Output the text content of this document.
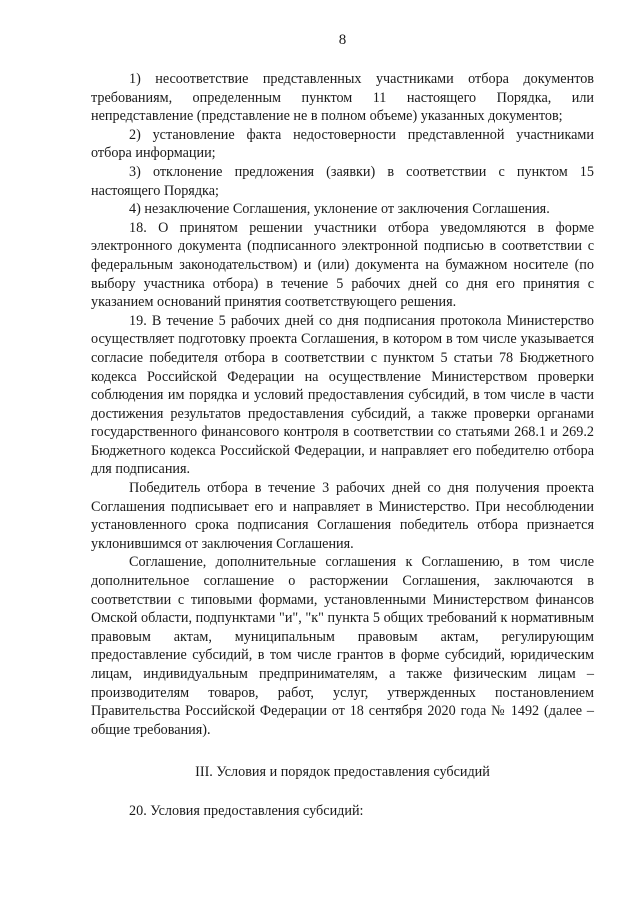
8

1) несоответствие представленных участниками отбора документов требованиям, определенным пунктом 11 настоящего Порядка, или непредставление (представление не в полном объеме) указанных документов;

2) установление факта недостоверности представленной участниками отбора информации;

3) отклонение предложения (заявки) в соответствии с пунктом 15 настоящего Порядка;

4) незаключение Соглашения, уклонение от заключения Соглашения.

18. О принятом решении участники отбора уведомляются в форме электронного документа (подписанного электронной подписью в соответствии с федеральным законодательством) и (или) документа на бумажном носителе (по выбору участника отбора) в течение 5 рабочих дней со дня его принятия с указанием оснований принятия соответствующего решения.

19. В течение 5 рабочих дней со дня подписания протокола Министерство осуществляет подготовку проекта Соглашения, в котором в том числе указывается согласие победителя отбора в соответствии с пунктом 5 статьи 78 Бюджетного кодекса Российской Федерации на осуществление Министерством проверки соблюдения им порядка и условий предоставления субсидий, в том числе в части достижения результатов предоставления субсидий, а также проверки органами государственного финансового контроля в соответствии со статьями 268.1 и 269.2 Бюджетного кодекса Российской Федерации, и направляет его победителю отбора для подписания.

Победитель отбора в течение 3 рабочих дней со дня получения проекта Соглашения подписывает его и направляет в Министерство. При несоблюдении установленного срока подписания Соглашения победитель отбора признается уклонившимся от заключения Соглашения.

Соглашение, дополнительные соглашения к Соглашению, в том числе дополнительное соглашение о расторжении Соглашения, заключаются в соответствии с типовыми формами, установленными Министерством финансов Омской области, подпунктами "и", "к" пункта 5 общих требований к нормативным правовым актам, муниципальным правовым актам, регулирующим предоставление субсидий, в том числе грантов в форме субсидий, юридическим лицам, индивидуальным предпринимателям, а также физическим лицам – производителям товаров, работ, услуг, утвержденных постановлением Правительства Российской Федерации от 18 сентября 2020 года № 1492 (далее – общие требования).

III. Условия и порядок предоставления субсидий

20. Условия предоставления субсидий:
